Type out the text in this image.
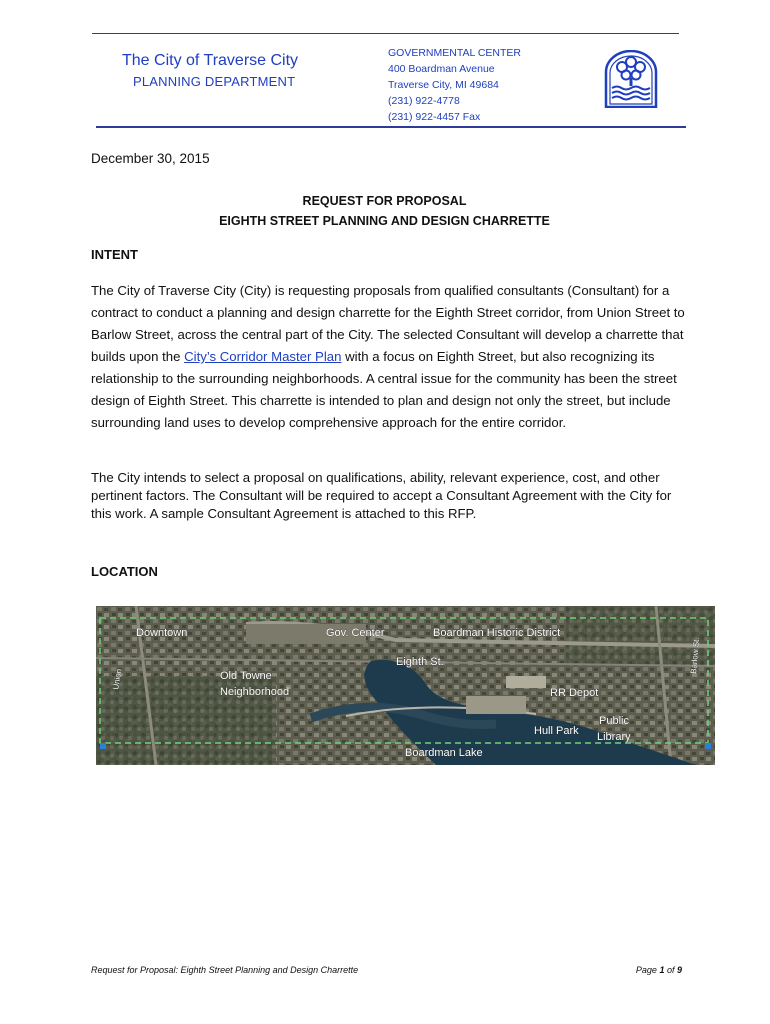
The City of Traverse City
PLANNING DEPARTMENT
GOVERNMENTAL CENTER
400 Boardman Avenue
Traverse City, MI 49684
(231) 922-4778
(231) 922-4457 Fax
December 30, 2015
REQUEST FOR PROPOSAL
EIGHTH STREET PLANNING AND DESIGN CHARRETTE
INTENT

The City of Traverse City (City) is requesting proposals from qualified consultants (Consultant) for a contract to conduct a planning and design charrette for the Eighth Street corridor, from Union Street to Barlow Street, across the central part of the City. The selected Consultant will develop a charrette that builds upon the City’s Corridor Master Plan with a focus on Eighth Street, but also recognizing its relationship to the surrounding neighborhoods. A central issue for the community has been the street design of Eighth Street. This charrette is intended to plan and design not only the street, but include surrounding land uses to develop comprehensive approach for the entire corridor.

The City intends to select a proposal on qualifications, ability, relevant experience, cost, and other pertinent factors. The Consultant will be required to accept a Consultant Agreement with the City for this work. A sample Consultant Agreement is attached to this RFP.

LOCATION
Downtown	Gov. Center	Boardman Historic District
Eighth St.
Old Towne
Neighborhood	RR Depot
Hull Park
Public
Library
Boardman Lake
Union
Barlow St.
Request for Proposal: Eighth Street Planning and Design Charrette	Page 1 of 9
